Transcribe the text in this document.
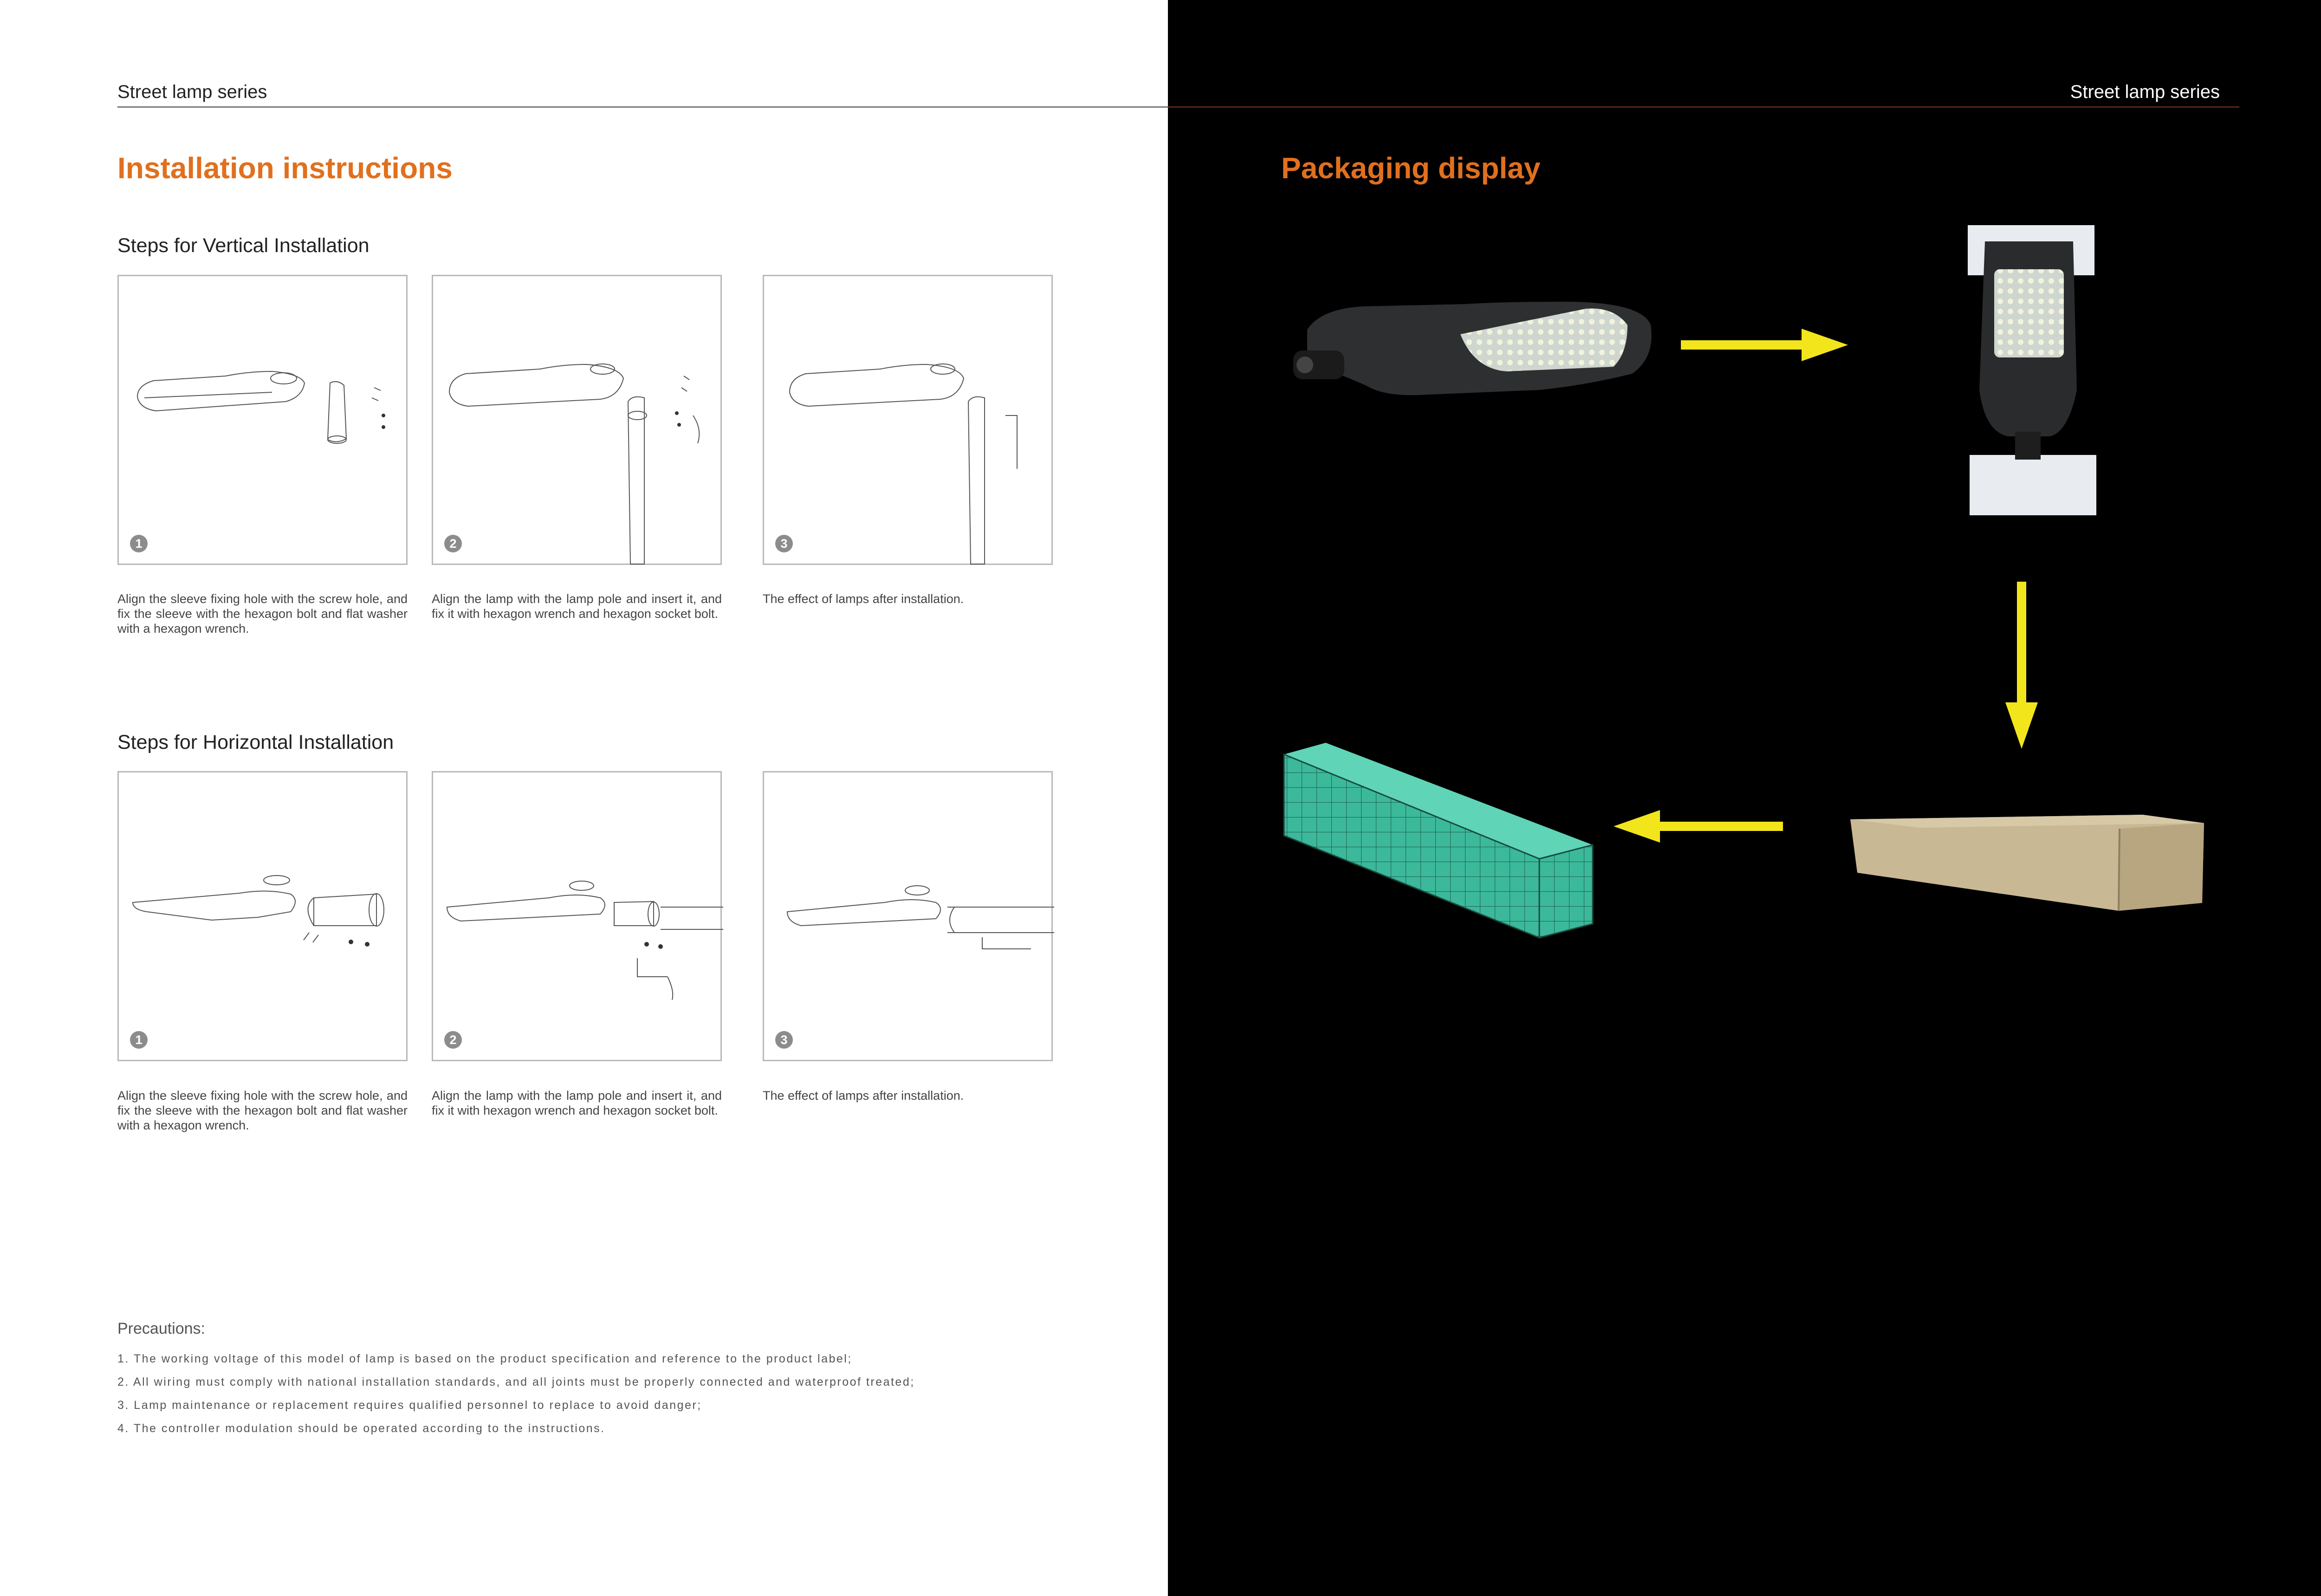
Street lamp series
Installation instructions
Steps for Vertical Installation
1
Align the sleeve fixing hole with the screw hole, and fix the sleeve with the hexagon bolt and flat washer with a hexagon wrench.
2
Align the lamp with the lamp pole and insert it, and fix it with hexagon wrench and hexagon socket bolt.
3
The effect of lamps after installation.
Steps for Horizontal Installation
1
Align the sleeve fixing hole with the screw hole, and fix the sleeve with the hexagon bolt and flat washer with a hexagon wrench.
2
Align the lamp with the lamp pole and insert it, and fix it with hexagon wrench and hexagon socket bolt.
3
The effect of lamps after installation.
Precautions:
1. The working voltage of this model of lamp is based on the product specification and reference to the product label;
2. All wiring must comply with national installation standards, and all joints must be properly connected and waterproof treated;
3. Lamp maintenance or replacement requires qualified personnel to replace to avoid danger;
4. The controller modulation should be operated according to the instructions.
Street lamp series
Packaging display
